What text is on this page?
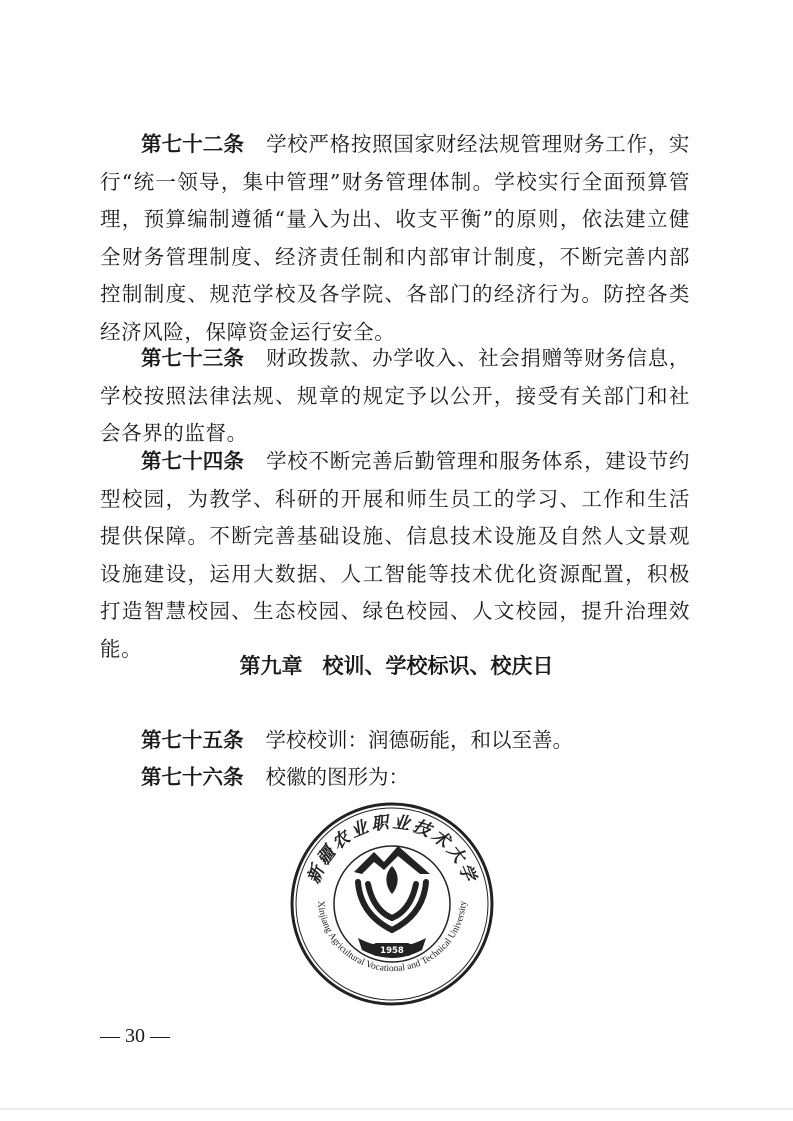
第七十二条 学校严格按照国家财经法规管理财务工作，实行“统一领导，集中管理”财务管理体制。学校实行全面预算管理，预算编制遵循“量入为出、收支平衡”的原则，依法建立健全财务管理制度、经济责任制和内部审计制度，不断完善内部控制制度、规范学校及各学院、各部门的经济行为。防控各类经济风险，保障资金运行安全。

第七十三条 财政拨款、办学收入、社会捐赠等财务信息，学校按照法律法规、规章的规定予以公开，接受有关部门和社会各界的监督。

第七十四条 学校不断完善后勤管理和服务体系，建设节约型校园，为教学、科研的开展和师生员工的学习、工作和生活提供保障。不断完善基础设施、信息技术设施及自然人文景观设施建设，运用大数据、人工智能等技术优化资源配置，积极打造智慧校园、生态校园、绿色校园、人文校园，提升治理效能。

第九章 校训、学校标识、校庆日
第七十五条 学校校训：润德砺能，和以至善。
第七十六条 校徽的图形为：
新疆农业职业技术大学
Xinjiang Agricultural Vocational and Technical University
1958
— 30 —
